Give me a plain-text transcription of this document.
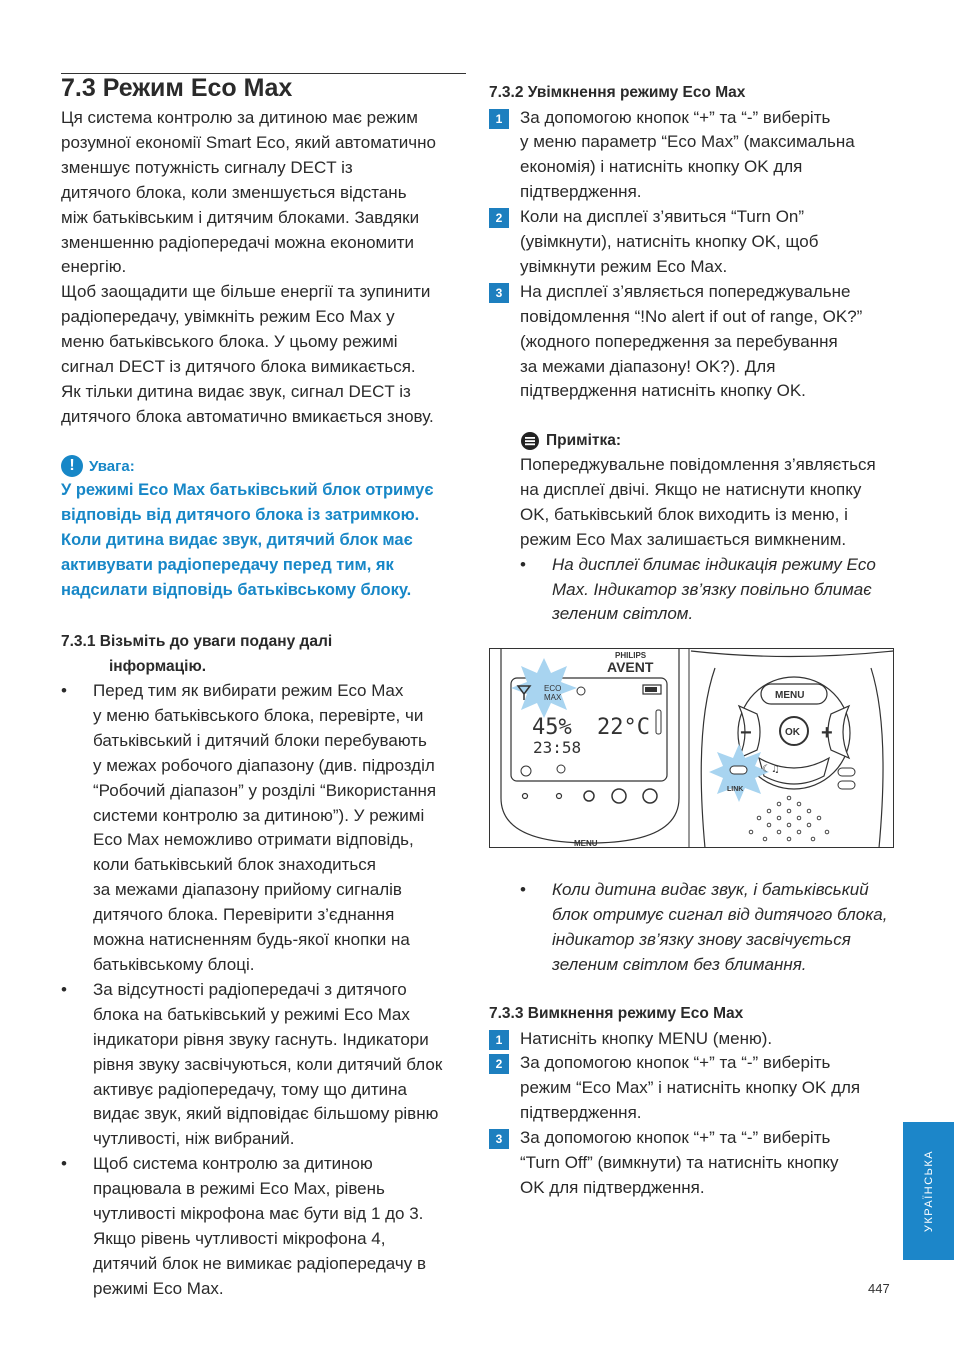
7.3 Режим Eco Max

Ця система контролю за дитиною має режим

розумної економії Smart Eco, який автоматично

зменшує потужність сигналу DECT із

дитячого блока, коли зменшується відстань

між батьківським і дитячим блоками. Завдяки

зменшенню радіопередачі можна економити

енергію.

Щоб заощадити ще більше енергії та зупинити

радіопередачу, увімкніть режим Eco Max у

меню батьківського блока. У цьому режимі

сигнал DECT із дитячого блока вимикається.

Як тільки дитина видає звук, сигнал DECT із

дитячого блока автоматично вмикається знову.

! Увага:
У режимі Eco Max батьківський блок отримує
відповідь від дитячого блока із затримкою.
Коли дитина видає звук, дитячий блок має
активувати радіопередачу перед тим, як
надсилати відповідь батьківському блоку.

7.3.1 Візьміть до уваги подану далі

інформацію.

•	Перед тим як вибирати режим Eco Max

у меню батьківського блока, перевірте, чи

батьківський і дитячий блоки перебувають

у межах робочого діапазону (див. підрозділ

“Робочий діапазон” у розділі “Використання

системи контролю за дитиною”). У режимі

Eco Max неможливо отримати відповідь,

коли батьківський блок знаходиться

за межами діапазону прийому сигналів

дитячого блока. Перевірити з’єднання

можна натисненням будь-якої кнопки на

батьківському блоці.

•	За відсутності радіопередачі з дитячого

блока на батьківський у режимі Eco Max

індикатори рівня звуку гаснуть. Індикатори

рівня звуку засвічуються, коли дитячий блок

активує радіопередачу, тому що дитина

видає звук, який відповідає більшому рівню

чутливості, ніж вибраний.

•	Щоб система контролю за дитиною

працювала в режимі Eco Max, рівень

чутливості мікрофона має бути від 1 до 3.

Якщо рівень чутливості мікрофона 4,

дитячий блок не вимикає радіопередачу в

режимі Eco Max.

7.3.2 Увімкнення режиму Eco Max

1	За допомогою кнопок “+” та “-” виберіть

у меню параметр “Eco Max” (максимальна

економія) і натисніть кнопку OK для

підтвердження.

2	Коли на дисплеї з’явиться “Turn On”

(увімкнути), натисніть кнопку OK, щоб

увімкнути режим Eco Max.

3	На дисплеї з’являється попереджувальне

повідомлення “!No alert if out of range, OK?”

(жодного попередження за перебування

за межами діапазону! OK?). Для

підтвердження натисніть кнопку OK.

Примітка:

Попереджувальне повідомлення з’являється

на дисплеї двічі. Якщо не натиснути кнопку

OK, батьківський блок виходить із меню, і

режим Eco Max залишається вимкненим.

•	На дисплеї блимає індикація режиму Eco

Max. Індикатор зв’язку повільно блимає

зеленим світлом.

PHILIPS
AVENT
ECO
MAX
45% 22°C
23:58
MENU
MENU
−	+
OK
LINK
☾♫
•	Коли дитина видає звук, і батьківський

блок отримує сигнал від дитячого блока,

індикатор зв’язку знову засвічується

зеленим світлом без блимання.

7.3.3 Вимкнення режиму Eco Max

1	Натисніть кнопку MENU (меню).

2	За допомогою кнопок “+” та “-” виберіть

режим “Eco Max” і натисніть кнопку OK для

підтвердження.

3	За допомогою кнопок “+” та “-” виберіть

“Turn Off” (вимкнути) та натисніть кнопку

OK для підтвердження.	УКРАЇНСЬКА
447
